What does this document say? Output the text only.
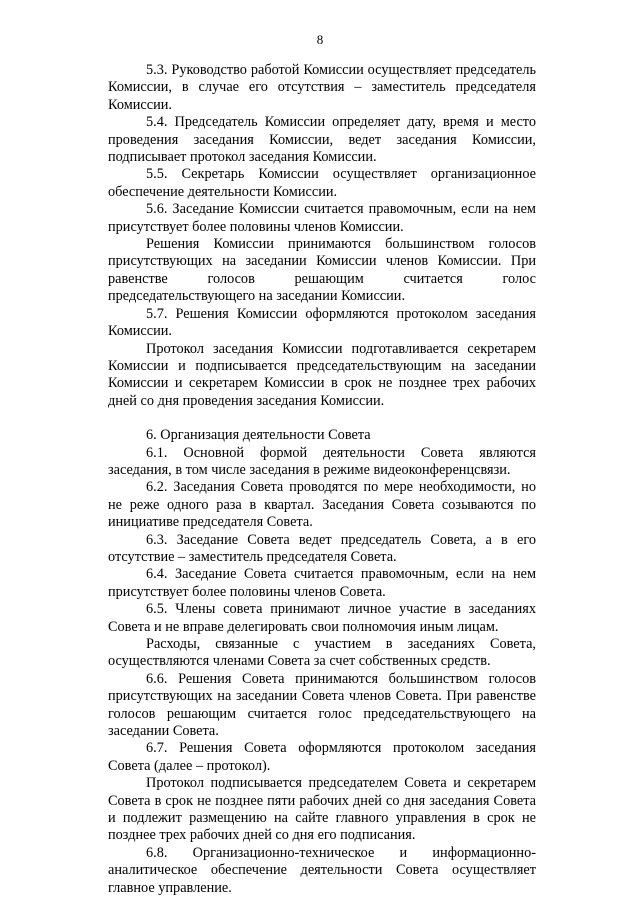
8

5.3. Руководство работой Комиссии осуществляет председатель Комиссии, в случае его отсутствия – заместитель председателя Комиссии.

5.4. Председатель Комиссии определяет дату, время и место проведения заседания Комиссии, ведет заседания Комиссии, подписывает протокол заседания Комиссии.

5.5. Секретарь Комиссии осуществляет организационное обеспечение деятельности Комиссии.

5.6. Заседание Комиссии считается правомочным, если на нем присутствует более половины членов Комиссии.

Решения Комиссии принимаются большинством голосов присутствующих на заседании Комиссии членов Комиссии. При равенстве голосов решающим считается голос председательствующего на заседании Комиссии.

5.7. Решения Комиссии оформляются протоколом заседания Комиссии.

Протокол заседания Комиссии подготавливается секретарем Комиссии и подписывается председательствующим на заседании Комиссии и секретарем Комиссии в срок не позднее трех рабочих дней со дня проведения заседания Комиссии.

6. Организация деятельности Совета

6.1. Основной формой деятельности Совета являются заседания, в том числе заседания в режиме видеоконференцсвязи.

6.2. Заседания Совета проводятся по мере необходимости, но не реже одного раза в квартал. Заседания Совета созываются по инициативе председателя Совета.

6.3. Заседание Совета ведет председатель Совета, а в его отсутствие – заместитель председателя Совета.

6.4. Заседание Совета считается правомочным, если на нем присутствует более половины членов Совета.

6.5. Члены совета принимают личное участие в заседаниях Совета и не вправе делегировать свои полномочия иным лицам.

Расходы, связанные с участием в заседаниях Совета, осуществляются членами Совета за счет собственных средств.

6.6. Решения Совета принимаются большинством голосов присутствующих на заседании Совета членов Совета. При равенстве голосов решающим считается голос председательствующего на заседании Совета.

6.7. Решения Совета оформляются протоколом заседания Совета (далее – протокол).

Протокол подписывается председателем Совета и секретарем Совета в срок не позднее пяти рабочих дней со дня заседания Совета и подлежит размещению на сайте главного управления в срок не позднее трех рабочих дней со дня его подписания.

6.8. Организационно-техническое и информационно-аналитическое обеспечение деятельности Совета осуществляет главное управление.
